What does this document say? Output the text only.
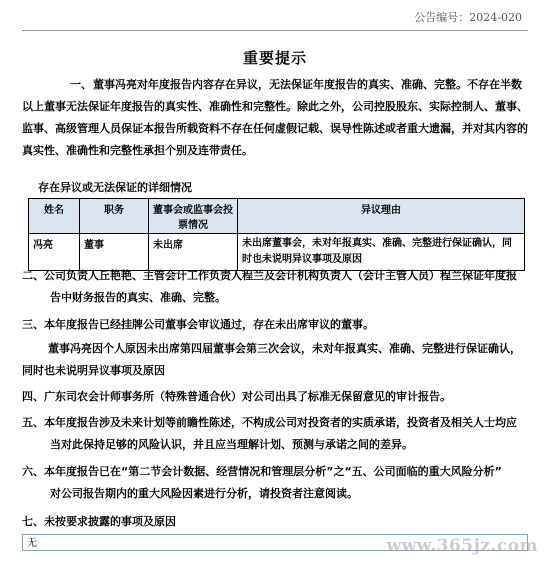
公告编号：2024-020
重要提示
一、 董事冯亮对年度报告内容存在异议，无法保证年度报告的真实、准确、完整。不存在半数以上董事无法保证年度报告的真实性、准确性和完整性。除此之外，公司控股股东、实际控制人、董事、监事、高级管理人员保证本报告所载资料不存在任何虚假记载、误导性陈述或者重大遗漏，并对其内容的真实性、准确性和完整性承担个别及连带责任。
存在异议或无法保证的详细情况
姓名	职务	董事会或监事会投票情况	异议理由
冯亮	董事	未出席	未出席董事会，未对年报真实、准确、完整进行保证确认，同时也未说明异议事项及原因
二、公司负责人丘艳艳、主管会计工作负责人程兰及会计机构负责人（会计主管人员）程兰保证年度报
告中财务报告的真实、准确、完整。
三、本年度报告已经挂牌公司董事会审议通过，存在未出席审议的董事。
董事冯亮因个人原因未出席第四届董事会第三次会议，未对年报真实、准确、完整进行保证确认，同时也未说明异议事项及原因
四、广东司农会计师事务所（特殊普通合伙）对公司出具了标准无保留意见的审计报告。
五、本年度报告涉及未来计划等前瞻性陈述，不构成公司对投资者的实质承诺，投资者及相关人士均应
当对此保持足够的风险认识，并且应当理解计划、预测与承诺之间的差异。
六、本年度报告已在“第二节会计数据、经营情况和管理层分析”之“五、公司面临的重大风险分析”
对公司报告期内的重大风险因素进行分析，请投资者注意阅读。
七、未按要求披露的事项及原因
无	www.365jz.com
